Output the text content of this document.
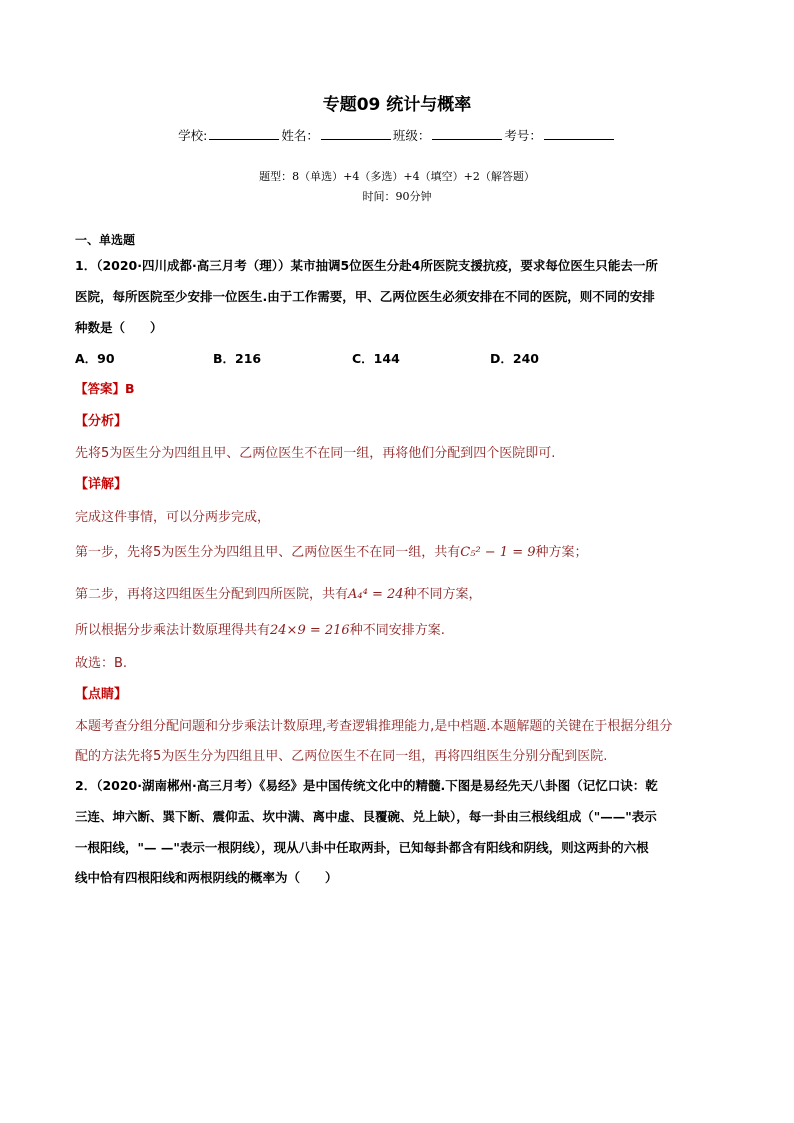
专题09 统计与概率
学校:	姓名：	班级：	考号：
题型：8（单选）+4（多选）+4（填空）+2（解答题）
时间：90分钟
一、单选题
1．（2020·四川成都·高三月考（理））某市抽调5位医生分赴4所医院支援抗疫，要求每位医生只能去一所
医院，每所医院至少安排一位医生.由于工作需要，甲、乙两位医生必须安排在不同的医院，则不同的安排
种数是（　　）
A．90	B．216	C．144	D．240
【答案】B
【分析】
先将5为医生分为四组且甲、乙两位医生不在同一组，再将他们分配到四个医院即可.
【详解】
完成这件事情，可以分两步完成，
第一步，先将5为医生分为四组且甲、乙两位医生不在同一组，共有C₅² − 1 = 9种方案；
第二步，再将这四组医生分配到四所医院，共有A₄⁴ = 24种不同方案，
所以根据分步乘法计数原理得共有24×9 = 216种不同安排方案.
故选：B.
【点睛】
本题考查分组分配问题和分步乘法计数原理,考查逻辑推理能力,是中档题.本题解题的关键在于根据分组分
配的方法先将5为医生分为四组且甲、乙两位医生不在同一组，再将四组医生分别分配到医院.
2．（2020·湖南郴州·高三月考）《易经》是中国传统文化中的精髓.下图是易经先天八卦图（记忆口诀：乾
三连、坤六断、巽下断、震仰盂、坎中满、离中虚、艮覆碗、兑上缺），每一卦由三根线组成（"——"表示
一根阳线，"— —"表示一根阴线），现从八卦中任取两卦，已知每卦都含有阳线和阴线，则这两卦的六根
线中恰有四根阳线和两根阴线的概率为（　　）
